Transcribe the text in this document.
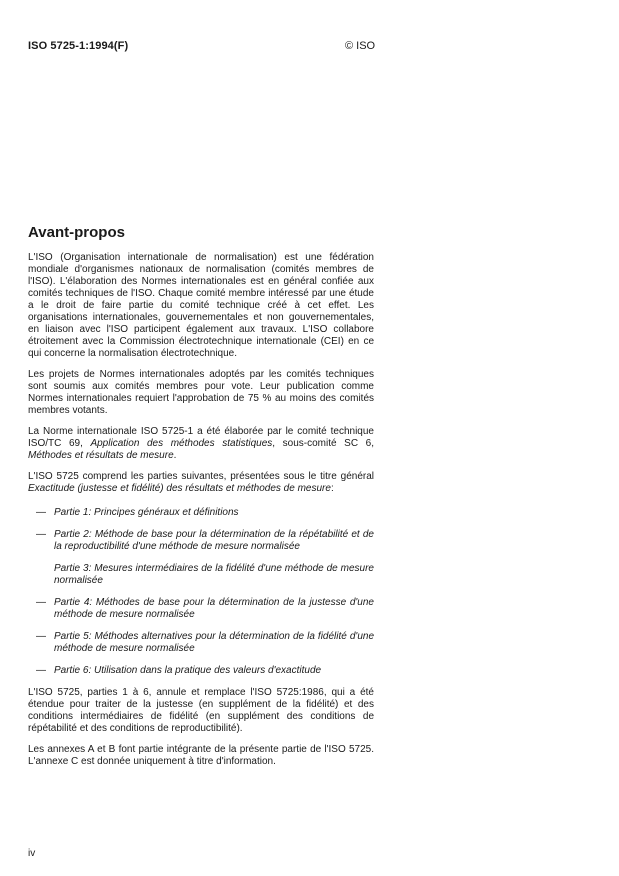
ISO 5725-1:1994(F)	© ISO
Avant-propos

L'ISO (Organisation internationale de normalisation) est une fédération mondiale d'organismes nationaux de normalisation (comités membres de l'ISO). L'élaboration des Normes internationales est en général confiée aux comités techniques de l'ISO. Chaque comité membre intéressé par une étude a le droit de faire partie du comité technique créé à cet effet. Les organisations internationales, gouvernementales et non gouvernementales, en liaison avec l'ISO participent également aux travaux. L'ISO collabore étroitement avec la Commission électrotechnique internationale (CEI) en ce qui concerne la normalisation électrotechnique.

Les projets de Normes internationales adoptés par les comités techniques sont soumis aux comités membres pour vote. Leur publication comme Normes internationales requiert l'approbation de 75 % au moins des comités membres votants.

La Norme internationale ISO 5725-1 a été élaborée par le comité technique ISO/TC 69, Application des méthodes statistiques, sous-comité SC 6, Méthodes et résultats de mesure.

L'ISO 5725 comprend les parties suivantes, présentées sous le titre général Exactitude (justesse et fidélité) des résultats et méthodes de mesure:

— Partie 1: Principes généraux et définitions
— Partie 2: Méthode de base pour la détermination de la répétabilité et de la reproductibilité d'une méthode de mesure normalisée
Partie 3: Mesures intermédiaires de la fidélité d'une méthode de mesure normalisée
— Partie 4: Méthodes de base pour la détermination de la justesse d'une méthode de mesure normalisée
— Partie 5: Méthodes alternatives pour la détermination de la fidélité d'une méthode de mesure normalisée
— Partie 6: Utilisation dans la pratique des valeurs d'exactitude

L'ISO 5725, parties 1 à 6, annule et remplace l'ISO 5725:1986, qui a été étendue pour traiter de la justesse (en supplément de la fidélité) et des conditions intermédiaires de fidélité (en supplément des conditions de répétabilité et des conditions de reproductibilité).

Les annexes A et B font partie intégrante de la présente partie de l'ISO 5725. L'annexe C est donnée uniquement à titre d'information.

iv
